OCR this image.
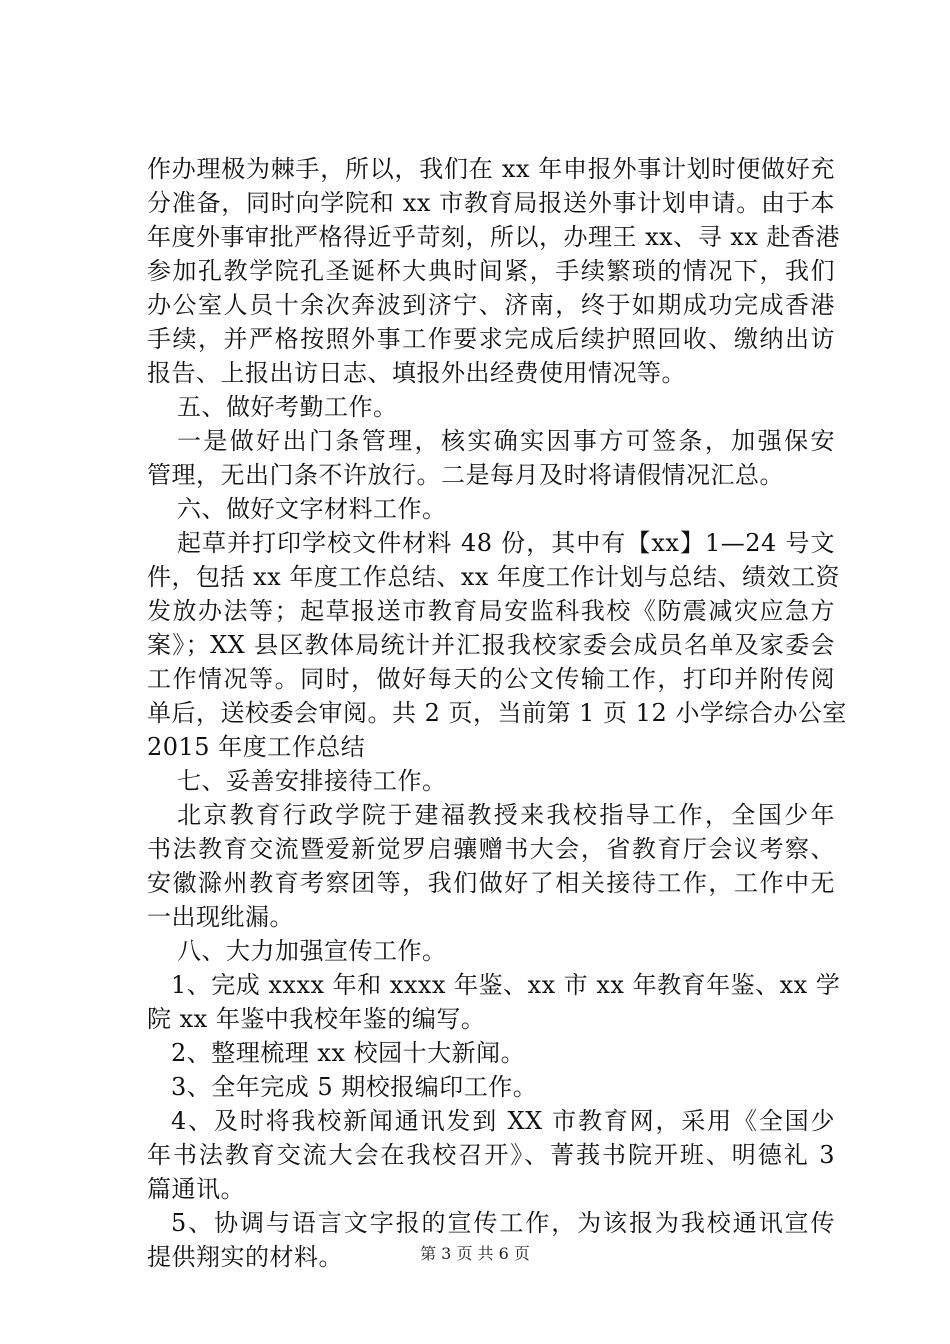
作办理极为棘手，所以，我们在 xx 年申报外事计划时便做好充
分准备，同时向学院和 xx 市教育局报送外事计划申请。由于本
年度外事审批严格得近乎苛刻，所以，办理王 xx、寻 xx 赴香港
参加孔教学院孔圣诞杯大典时间紧，手续繁琐的情况下，我们
办公室人员十余次奔波到济宁、济南，终于如期成功完成香港
手续，并严格按照外事工作要求完成后续护照回收、缴纳出访
报告、上报出访日志、填报外出经费使用情况等。
五、做好考勤工作。
一是做好出门条管理，核实确实因事方可签条，加强保安
管理，无出门条不许放行。二是每月及时将请假情况汇总。
六、做好文字材料工作。
起草并打印学校文件材料 48 份，其中有【xx】1—24 号文
件，包括 xx 年度工作总结、xx 年度工作计划与总结、绩效工资
发放办法等；起草报送市教育局安监科我校《防震减灾应急方
案》；XX 县区教体局统计并汇报我校家委会成员名单及家委会
工作情况等。同时，做好每天的公文传输工作，打印并附传阅
单后，送校委会审阅。共 2 页，当前第 1 页 12 小学综合办公室
2015 年度工作总结
七、妥善安排接待工作。
北京教育行政学院于建福教授来我校指导工作，全国少年
书法教育交流暨爱新觉罗启骧赠书大会，省教育厅会议考察、
安徽滁州教育考察团等，我们做好了相关接待工作，工作中无
一出现纰漏。
八、大力加强宣传工作。
1、完成 xxxx 年和 xxxx 年鉴、xx 市 xx 年教育年鉴、xx 学
院 xx 年鉴中我校年鉴的编写。
2、整理梳理 xx 校园十大新闻。
3、全年完成 5 期校报编印工作。
4、及时将我校新闻通讯发到 XX 市教育网，采用《全国少
年书法教育交流大会在我校召开》、菁莪书院开班、明德礼 3
篇通讯。
5、协调与语言文字报的宣传工作，为该报为我校通讯宣传
提供翔实的材料。	第 3 页 共 6 页
